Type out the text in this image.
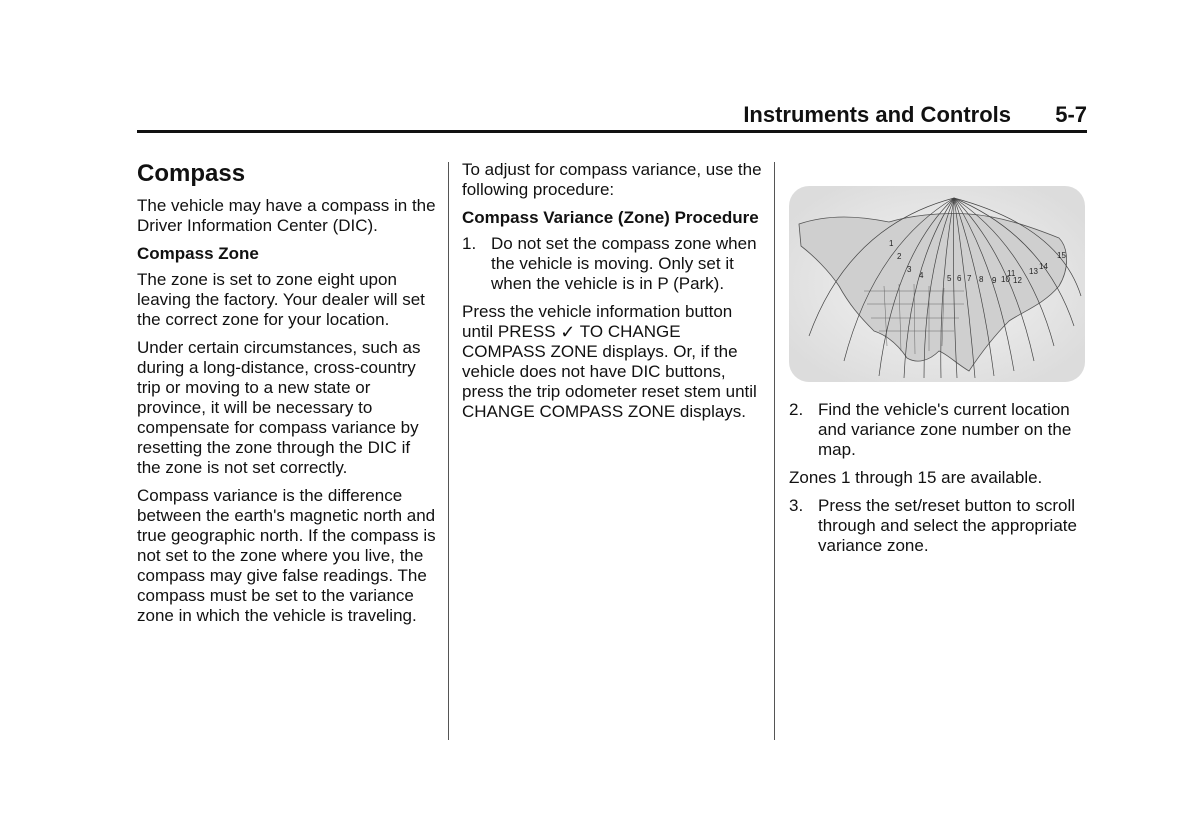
Instruments and Controls 5-7
Compass

The vehicle may have a compass in the Driver Information Center (DIC).

Compass Zone

The zone is set to zone eight upon leaving the factory. Your dealer will set the correct zone for your location.

Under certain circumstances, such as during a long-distance, cross-country trip or moving to a new state or province, it will be necessary to compensate for compass variance by resetting the zone through the DIC if the zone is not set correctly.

Compass variance is the difference between the earth's magnetic north and true geographic north. If the compass is not set to the zone where you live, the compass may give false readings. The compass must be set to the variance zone in which the vehicle is traveling.

To adjust for compass variance, use the following procedure:

Compass Variance (Zone) Procedure
1. Do not set the compass zone when the vehicle is moving. Only set it when the vehicle is in P (Park).

Press the vehicle information button until PRESS ✓ TO CHANGE COMPASS ZONE displays. Or, if the vehicle does not have DIC buttons, press the trip odometer reset stem until CHANGE COMPASS ZONE displays.

1
2
3
4	5 6 7 8 9 10
11
12
13
14
15
2. Find the vehicle's current location and variance zone number on the map.

Zones 1 through 15 are available.

3. Press the set/reset button to scroll through and select the appropriate variance zone.
